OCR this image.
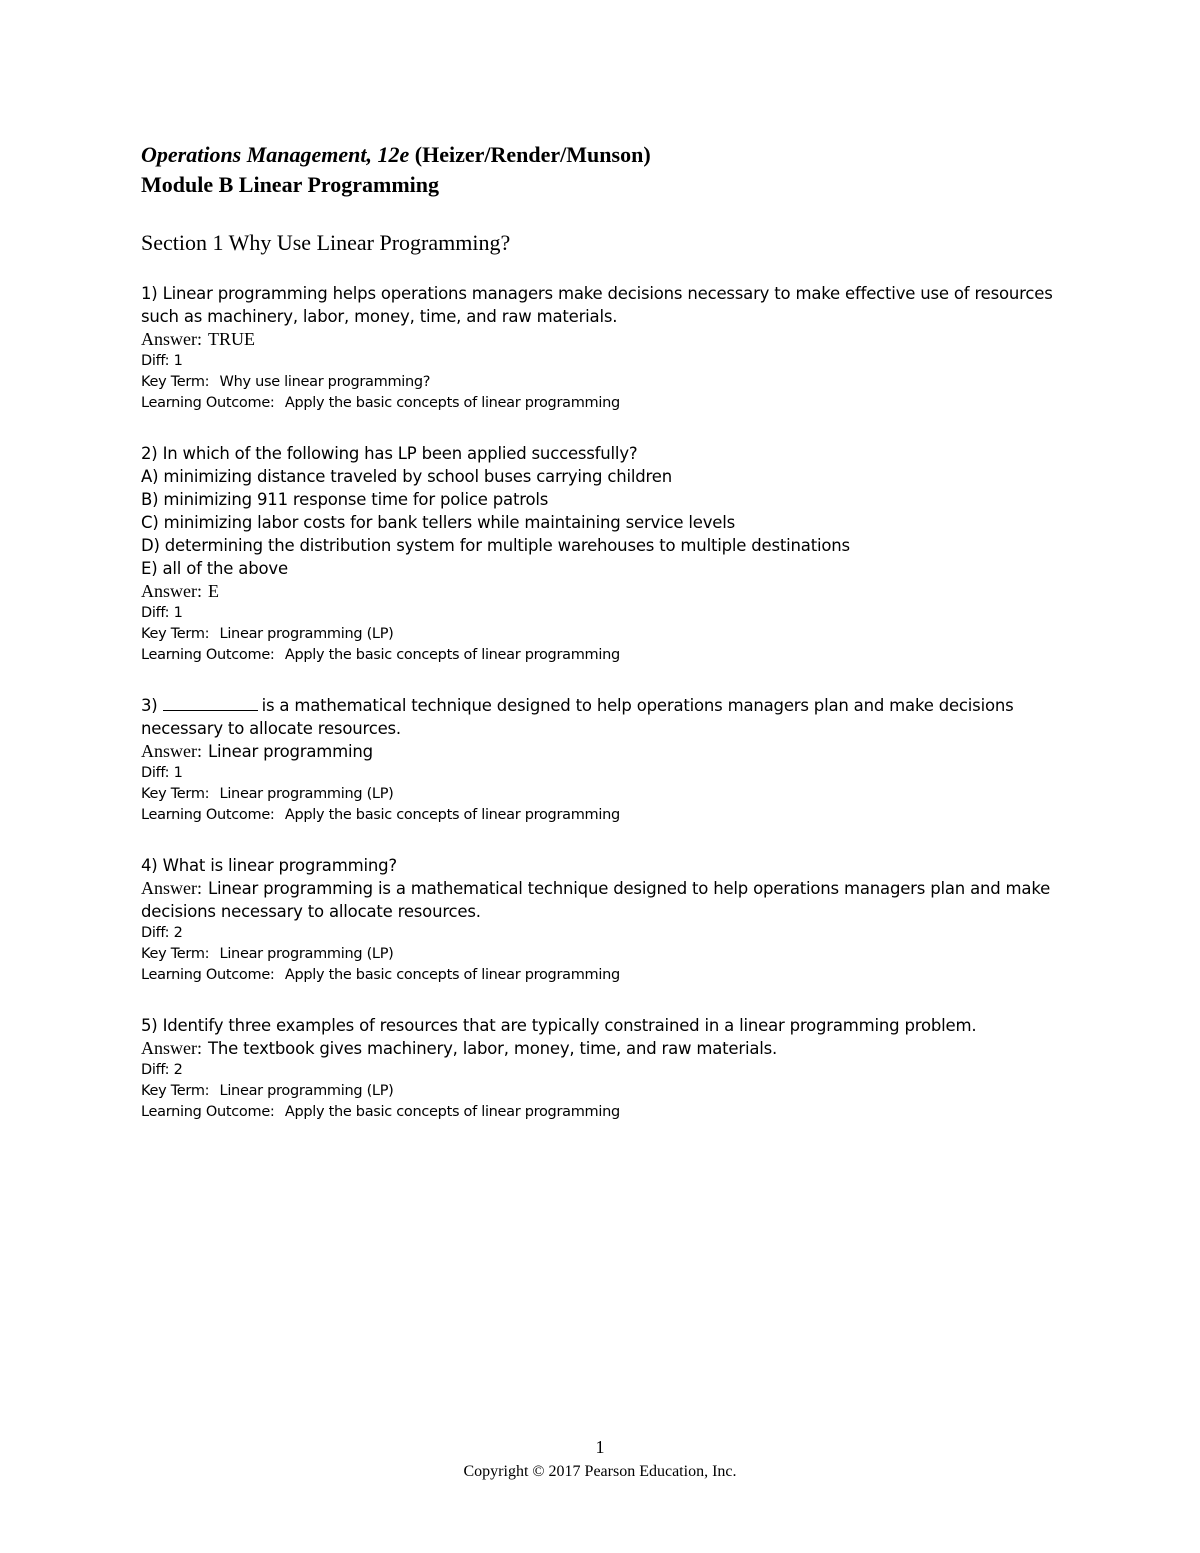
Operations Management, 12e (Heizer/Render/Munson)
Module B Linear Programming
Section 1 Why Use Linear Programming?
1) Linear programming helps operations managers make decisions necessary to make effective use of resources such as machinery, labor, money, time, and raw materials.
Answer: TRUE
Diff: 1
Key Term: Why use linear programming?
Learning Outcome: Apply the basic concepts of linear programming
2) In which of the following has LP been applied successfully?
A) minimizing distance traveled by school buses carrying children
B) minimizing 911 response time for police patrols
C) minimizing labor costs for bank tellers while maintaining service levels
D) determining the distribution system for multiple warehouses to multiple destinations
E) all of the above
Answer: E
Diff: 1
Key Term: Linear programming (LP)
Learning Outcome: Apply the basic concepts of linear programming
3)	is a mathematical technique designed to help operations managers plan and make decisions necessary to allocate resources.
Answer: Linear programming
Diff: 1
Key Term: Linear programming (LP)
Learning Outcome: Apply the basic concepts of linear programming
4) What is linear programming?
Answer: Linear programming is a mathematical technique designed to help operations managers plan and make decisions necessary to allocate resources.
Diff: 2
Key Term: Linear programming (LP)
Learning Outcome: Apply the basic concepts of linear programming
5) Identify three examples of resources that are typically constrained in a linear programming problem.
Answer: The textbook gives machinery, labor, money, time, and raw materials.
Diff: 2
Key Term: Linear programming (LP)
Learning Outcome: Apply the basic concepts of linear programming
1
Copyright © 2017 Pearson Education, Inc.
